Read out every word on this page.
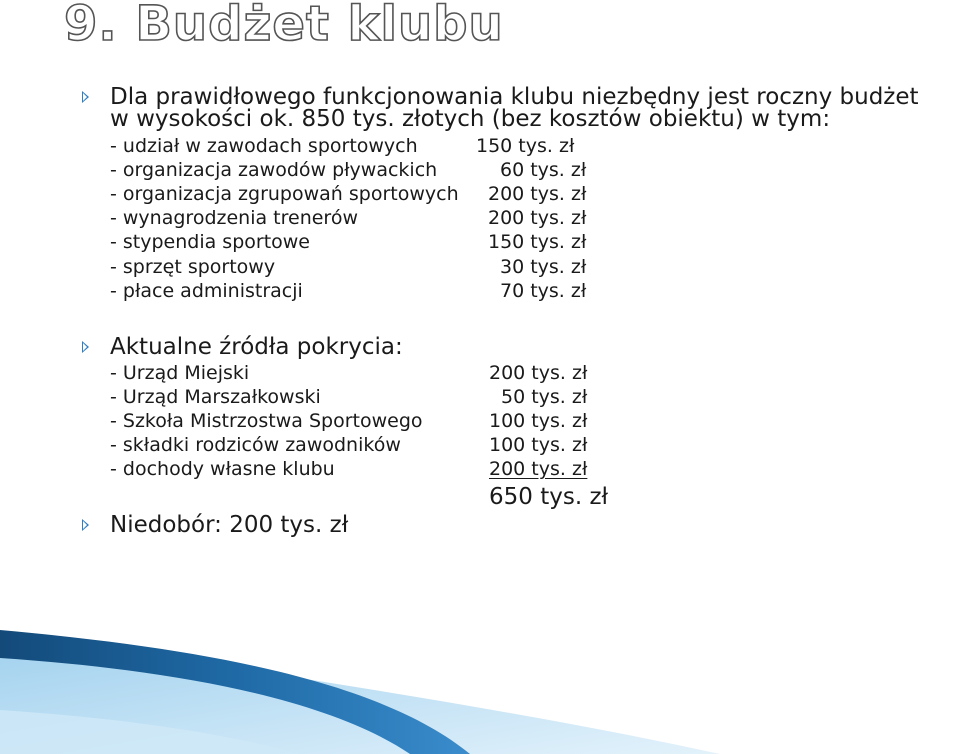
9. Budżet klubu
Dla prawidłowego funkcjonowania klubu niezbędny jest roczny budżet
w wysokości ok. 850 tys. złotych (bez kosztów obiektu) w tym:
- udział w zawodach sportowych	150 tys. zł
- organizacja zawodów pływackich	60 tys. zł
- organizacja zgrupowań sportowych 200 tys. zł
- wynagrodzenia trenerów	200 tys. zł
- stypendia sportowe	150 tys. zł
- sprzęt sportowy	30 tys. zł
- płace administracji	70 tys. zł
Aktualne źródła pokrycia:
- Urząd Miejski	200 tys. zł
- Urząd Marszałkowski	50 tys. zł
- Szkoła Mistrzostwa Sportowego	100 tys. zł
- składki rodziców zawodników	100 tys. zł
- dochody własne klubu	200 tys. zł
650 tys. zł
Niedobór: 200 tys. zł
